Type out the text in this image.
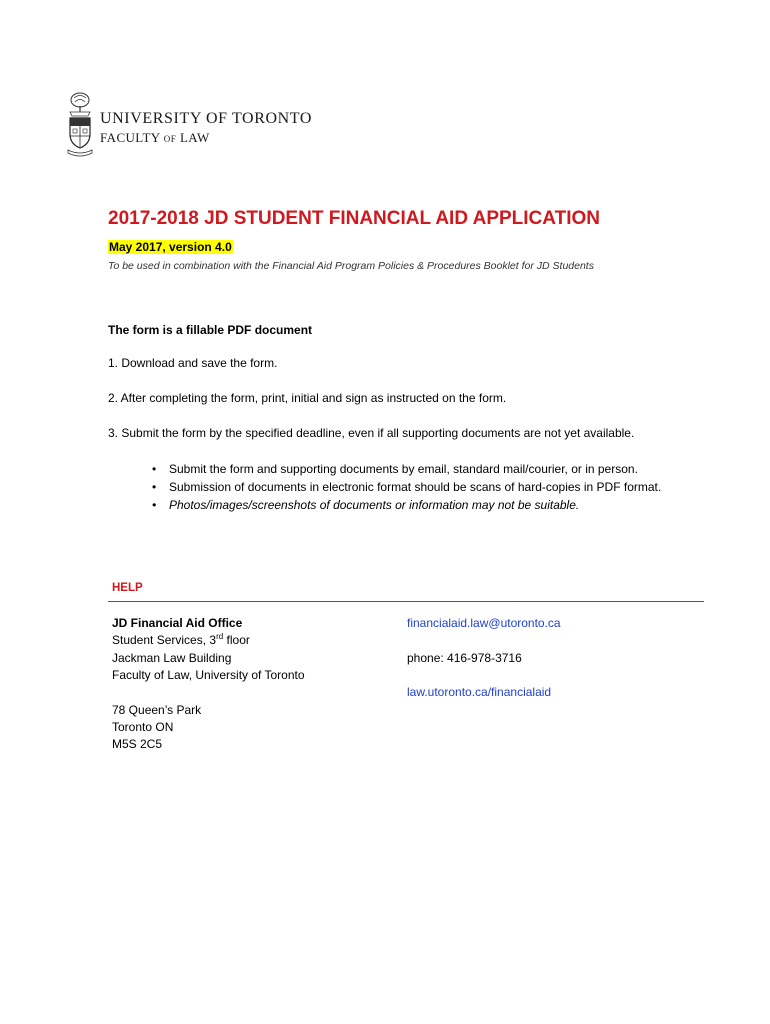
UNIVERSITY OF TORONTO
FACULTY OF LAW
2017-2018 JD STUDENT FINANCIAL AID APPLICATION
May 2017, version 4.0
To be used in combination with the Financial Aid Program Policies & Procedures Booklet for JD Students
The form is a fillable PDF document
1. Download and save the form.
2. After completing the form, print, initial and sign as instructed on the form.
3. Submit the form by the specified deadline, even if all supporting documents are not yet available.
• Submit the form and supporting documents by email, standard mail/courier, or in person.
• Submission of documents in electronic format should be scans of hard-copies in PDF format.
• Photos/images/screenshots of documents or information may not be suitable.
HELP
JD Financial Aid Office
Student Services, 3rd floor
Jackman Law Building
Faculty of Law, University of Toronto
78 Queen’s Park
Toronto ON
M5S 2C5
financialaid.law@utoronto.ca
phone: 416-978-3716
law.utoronto.ca/financialaid
